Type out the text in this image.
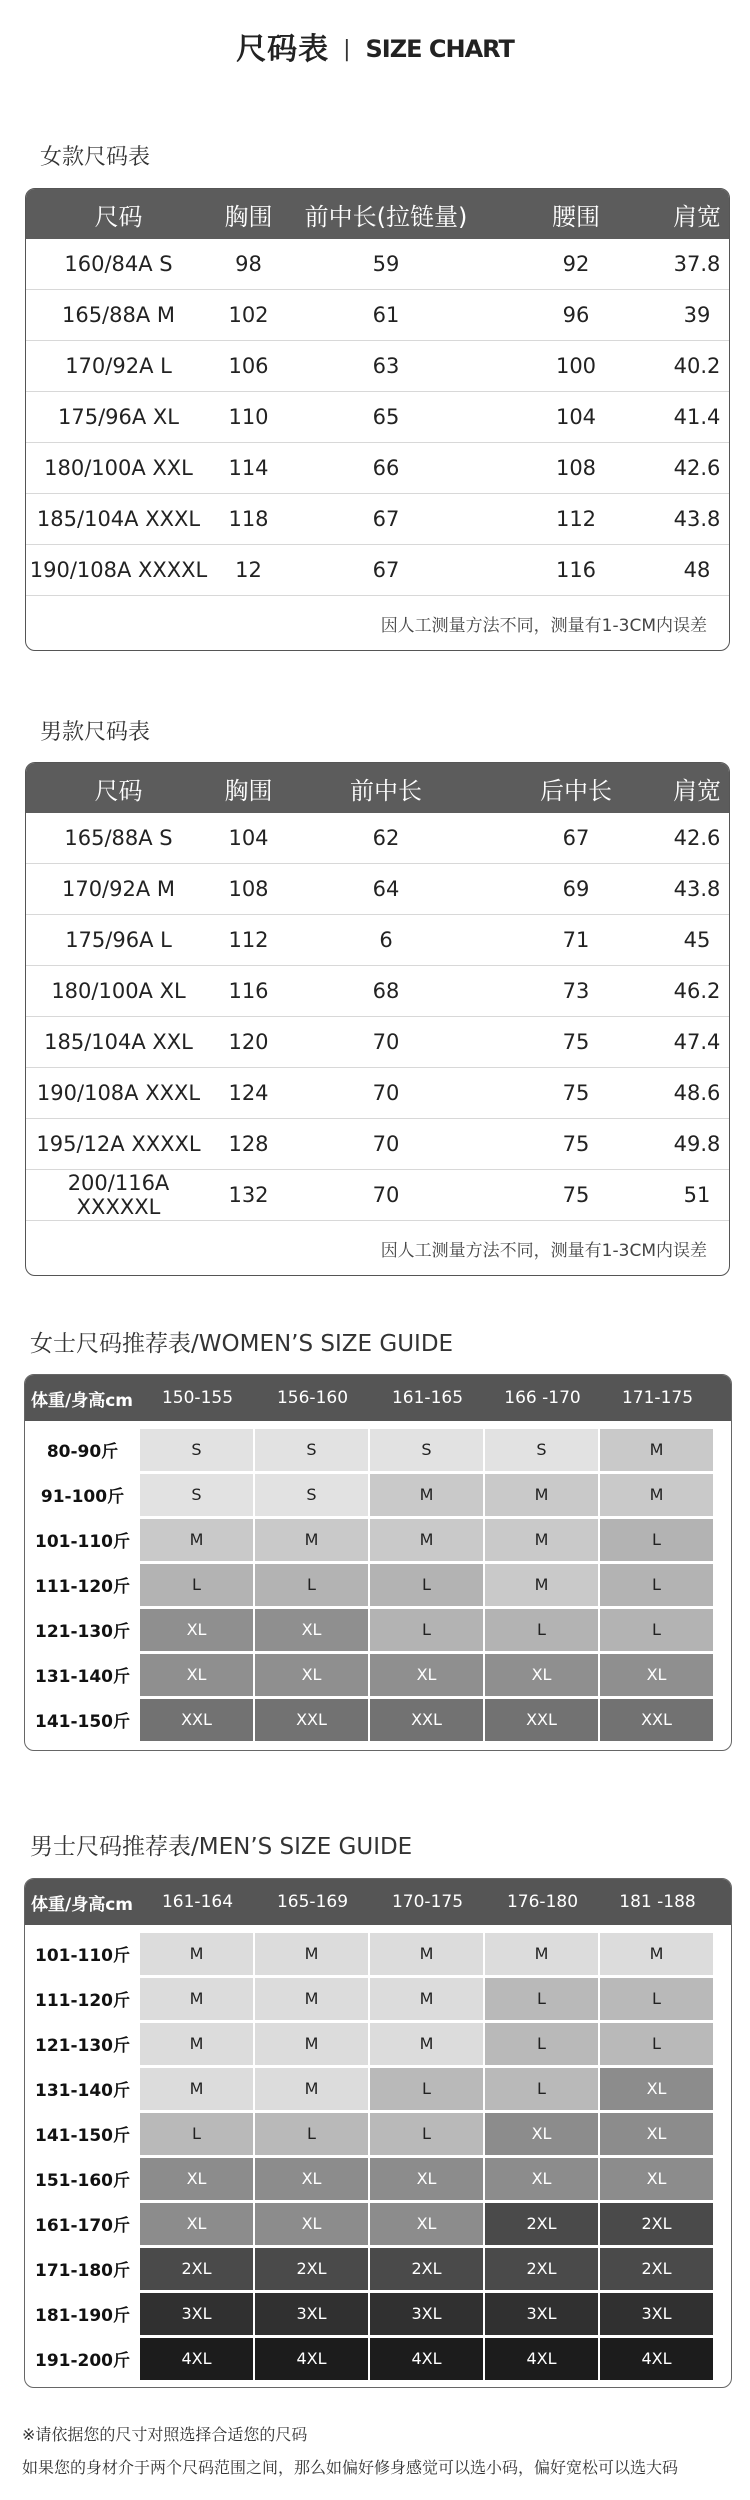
尺码表 | SIZE CHART
女款尺码表
尺码	胸围	前中长(拉链量)	腰围	肩宽
160/84A S	98	59	92	37.8
165/88A M	102	61	96	39
170/92A L	106	63	100	40.2
175/96A XL	110	65	104	41.4
180/100A XXL	114	66	108	42.6
185/104A XXXL	118	67	112	43.8
190/108A XXXXL	12	67	116	48
因人工测量方法不同，测量有1-3CM内误差
男款尺码表
尺码	胸围	前中长	后中长	肩宽
165/88A S	104	62	67	42.6
170/92A M	108	64	69	43.8
175/96A L	112	6	71	45
180/100A XL	116	68	73	46.2
185/104A XXL	120	70	75	47.4
190/108A XXXL	124	70	75	48.6
195/12A XXXXL	128	70	75	49.8
200/116A XXXXXL	132	70	75	51
因人工测量方法不同，测量有1-3CM内误差
女士尺码推荐表/WOMEN’S SIZE GUIDE
体重/身高cm	150-155	156-160	161-165	166 -170	171-175
80-90斤	S	S	S	S	M
91-100斤	S	S	M	M	M
101-110斤	M	M	M	M	L
111-120斤	L	L	L	M	L
121-130斤	XL	XL	L	L	L
131-140斤	XL	XL	XL	XL	XL
141-150斤	XXL	XXL	XXL	XXL	XXL
男士尺码推荐表/MEN’S SIZE GUIDE
体重/身高cm	161-164	165-169	170-175	176-180	181 -188
101-110斤	M	M	M	M	M
111-120斤	M	M	M	L	L
121-130斤	M	M	M	L	L
131-140斤	M	M	L	L	XL
141-150斤	L	L	L	XL	XL
151-160斤	XL	XL	XL	XL	XL
161-170斤	XL	XL	XL	2XL	2XL
171-180斤	2XL	2XL	2XL	2XL	2XL
181-190斤	3XL	3XL	3XL	3XL	3XL
191-200斤	4XL	4XL	4XL	4XL	4XL
※请依据您的尺寸对照选择合适您的尺码
如果您的身材介于两个尺码范围之间，那么如偏好修身感觉可以选小码，偏好宽松可以选大码
